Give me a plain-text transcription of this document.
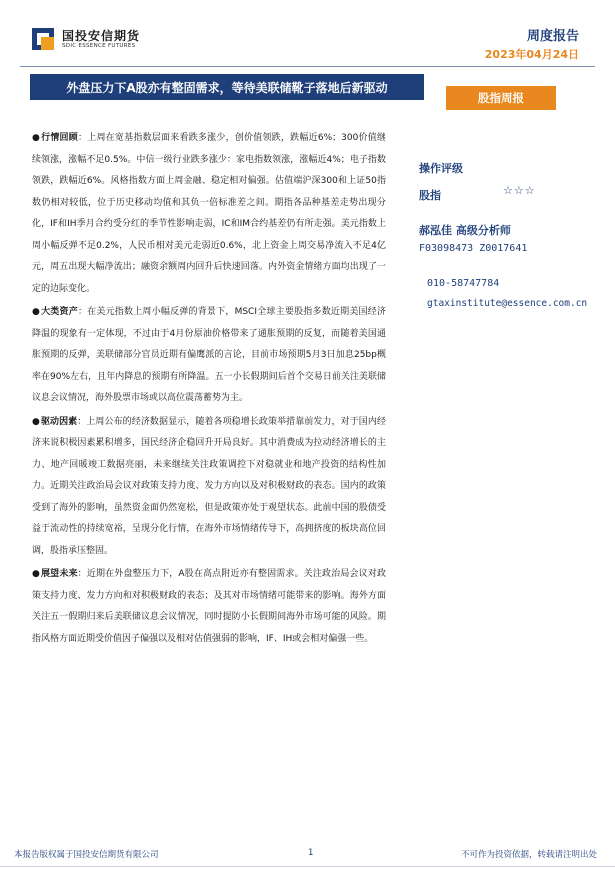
国投安信期货
SDIC ESSENCE FUTURES
周度报告
2023年04月24日
外盘压力下A股亦有整固需求，等待美联储靴子落地后新驱动
股指周报

●行情回顾：上周在宽基指数层面来看跌多涨少，创价值领跌，跌幅近6%；300价值继续领涨，涨幅不足0.5%。中信一级行业跌多涨少：家电指数领涨，涨幅近4%；电子指数领跌，跌幅近6%。风格指数方面上周金融、稳定相对偏强。估值端沪深300和上证50指数仍相对较低，位于历史移动均值和其负一倍标准差之间。期指各品种基差走势出现分化，IF和IH季月合约受分红的季节性影响走弱，IC和IM合约基差仍有所走强。美元指数上周小幅反弹不足0.2%，人民币相对美元走弱近0.6%，北上资金上周交易净流入不足4亿元，周五出现大幅净流出；融资余额周内回升后快速回落。内外资金情绪方面均出现了一定的边际变化。

●大类资产：在美元指数上周小幅反弹的背景下，MSCI全球主要股指多数近期美国经济降温的现象有一定体现，不过由于4月份原油价格带来了通胀预期的反复，而随着美国通胀预期的反弹，美联储部分官员近期有偏鹰派的言论，目前市场预期5月3日加息25bp概率在90%左右，且年内降息的预期有所降温。五一小长假期间后首个交易日前关注美联储议息会议情况，海外股票市场或以高位震荡蓄势为主。

●驱动因素：上周公布的经济数据显示，随着各项稳增长政策举措靠前发力，对于国内经济来说积极因素累积增多，国民经济企稳回升开局良好。其中消费成为拉动经济增长的主力、地产回暖竣工数据亮丽，未来继续关注政策调控下对稳就业和地产投资的结构性加力。近期关注政治局会议对政策支持力度、发力方向以及对积极财政的表态。国内的政策受到了海外的影响，虽然资金面仍然宽松，但是政策亦处于观望状态。此前中国的股债受益于流动性的持续宽裕，呈现分化行情，在海外市场情绪传导下，高拥挤度的板块高位回调，股指承压整固。

●展望未来：近期在外盘整压力下，A股在高点附近亦有整固需求。关注政治局会议对政策支持力度、发力方向和对积极财政的表态；及其对市场情绪可能带来的影响。海外方面关注五一假期归来后美联储议息会议情况，同时提防小长假期间海外市场可能的风险。期指风格方面近期受价值因子偏强以及相对估值强弱的影响，IF、IH或会相对偏强一些。

操作评级
股指	☆☆☆
郝泓佳 高级分析师
F03098473 Z0017641
010-58747784
gtaxinstitute@essence.com.cn
本报告版权属于国投安信期货有限公司	1	不可作为投资依据，转载请注明出处
